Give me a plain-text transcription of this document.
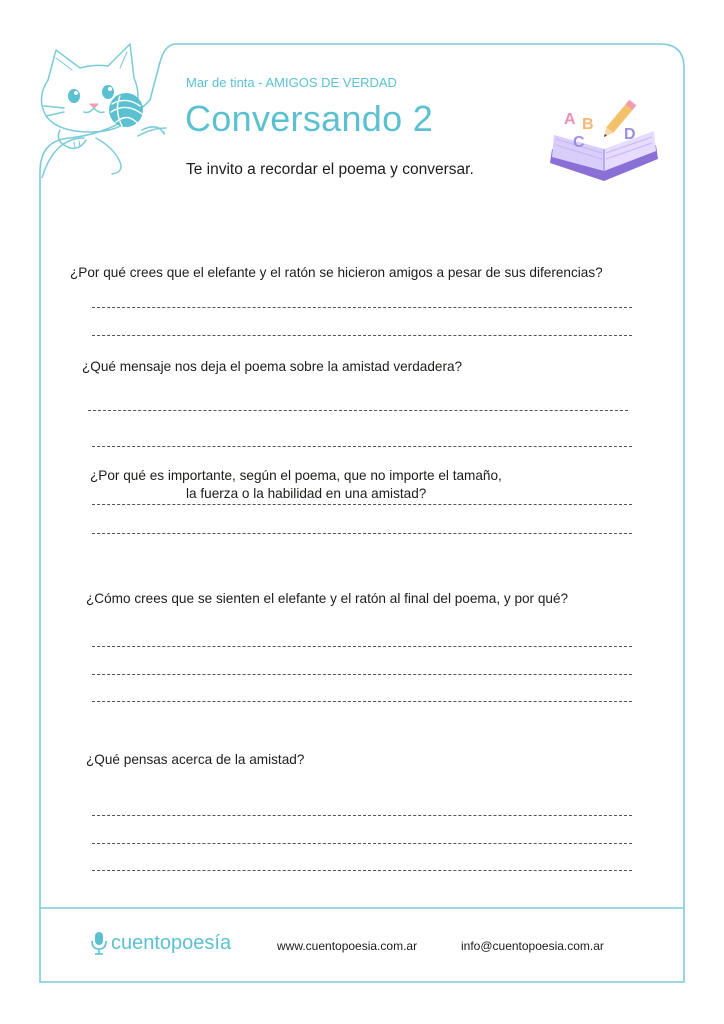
Mar de tinta - AMIGOS DE VERDAD
Conversando 2
Te invito a recordar el poema y conversar.
A B
C D
¿Por qué crees que el elefante y el ratón se hicieron amigos a pesar de sus diferencias?
¿Qué mensaje nos deja el poema sobre la amistad verdadera?
¿Por qué es importante, según el poema, que no importe el tamaño,
la fuerza o la habilidad en una amistad?
¿Cómo crees que se sienten el elefante y el ratón al final del poema, y por qué?
¿Qué pensas acerca de la amistad?
cuentopoesía	www.cuentopoesia.com.ar	info@cuentopoesia.com.ar
